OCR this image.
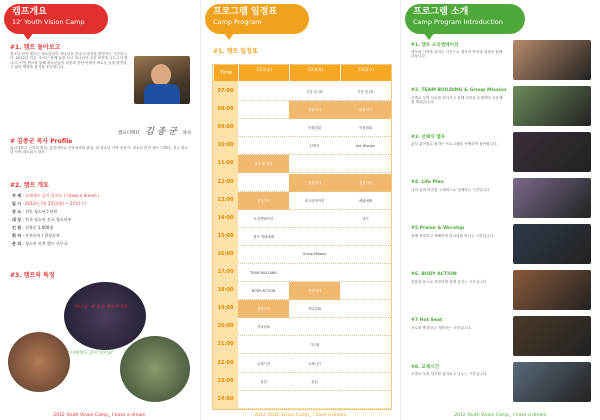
캠프개요
12' Youth Vision Camp
#1. 캠프 돌아보고
청소년 비전 캠프는 청소년들이 하나님을 만나고 비전을 발견하는 시간입니다. 2012년 여름, 우리는 함께 꿈을 꾸고 하나님이 주신 비전을 나누고자 합니다. 이번 캠프를 통해 청소년들이 말씀과 찬양 안에서 새로운 꿈을 발견하고 삶의 방향을 찾기를 소망합니다.
캠프디렉터 김 종 군 목사
# 김종군 목사 Profile
총신대학교 신학과 졸업, 총신대학교 신학대학원 졸업, 현 청소년 사역 전문가, 청소년 비전 캠프 디렉터, 전국 청소년 사역 네트워크 대표
#2. 캠프 개요
주 제 : 나에게도 꿈이 있어요 ( I have a dream )
일 시 : 2012년 7월 23일(월) ~ 25일(수)
장 소 : 천안 청소년수련원
대 상 : 전국 청소년 전국 청소년부
인 원 : 선착순 1,000명
회 비 : 사전등록 / 현장등록
문 의 : 청소년 비전 캠프 사무국
#3. 캠프의 특징
하나님, 제 꿈을 찾아주세요
"나에게도 꿈이 있어요"
2012 Youth Vision Camp_ I have a dream
프로그램 일정표
Camp Program
#1. 캠프 일정표
Time
7/23(월)	7/24(화)	7/25(수)
07:00
08:00
09:00
10:00
11:00
12:00
13:00
14:00
15:00
16:00
17:00
18:00
19:00
20:00
21:00
22:00
23:00
24:00
접수 및 등록
점심식사
오리엔테이션
캠프 개회예배
TEAM BUILDING
BODY ACTION
저녁식사
저녁집회
교제시간
취침
기상 및 QT
아침식사
아침집회
선택식
점심식사
레크리에이션
Group Mission
저녁식사
저녁집회
기도회
교제시간
취침
기상 및 QT
아침식사
아침집회
Act Mission
점심식사
폐회예배
귀가
2012 Youth Vision Camp_ I have a dream
프로그램 소개
Camp Program Introduction
#1. 캠프 오리엔테이션
캠프의 시작을 알리는 시간으로 캠프의 목적과 일정을 함께 나눕니다.
#2. TEAM BUILDING & Group Mission
조별로 모여 서로를 알아가고 함께 미션을 수행하며 공동체를 세워갑니다.
#3. 선택식 캠프
관심 분야별로 원하는 프로그램을 선택하여 참여합니다.
#4. Life Plan
나의 꿈과 비전을 구체적으로 설계하는 시간입니다.
#5 Praise & Worship
함께 찬양하고 예배하며 하나님을 만나는 시간입니다.
#6. BODY ACTION
말씀을 몸으로 표현하며 함께 즐기는 시간입니다.
#7 Hot Seat
서로를 축복하고 격려하는 시간입니다.
#8. 교제시간
조별로 모여 하루를 돌아보고 나누는 시간입니다.
2012 Youth Vision Camp_ I have a dream
